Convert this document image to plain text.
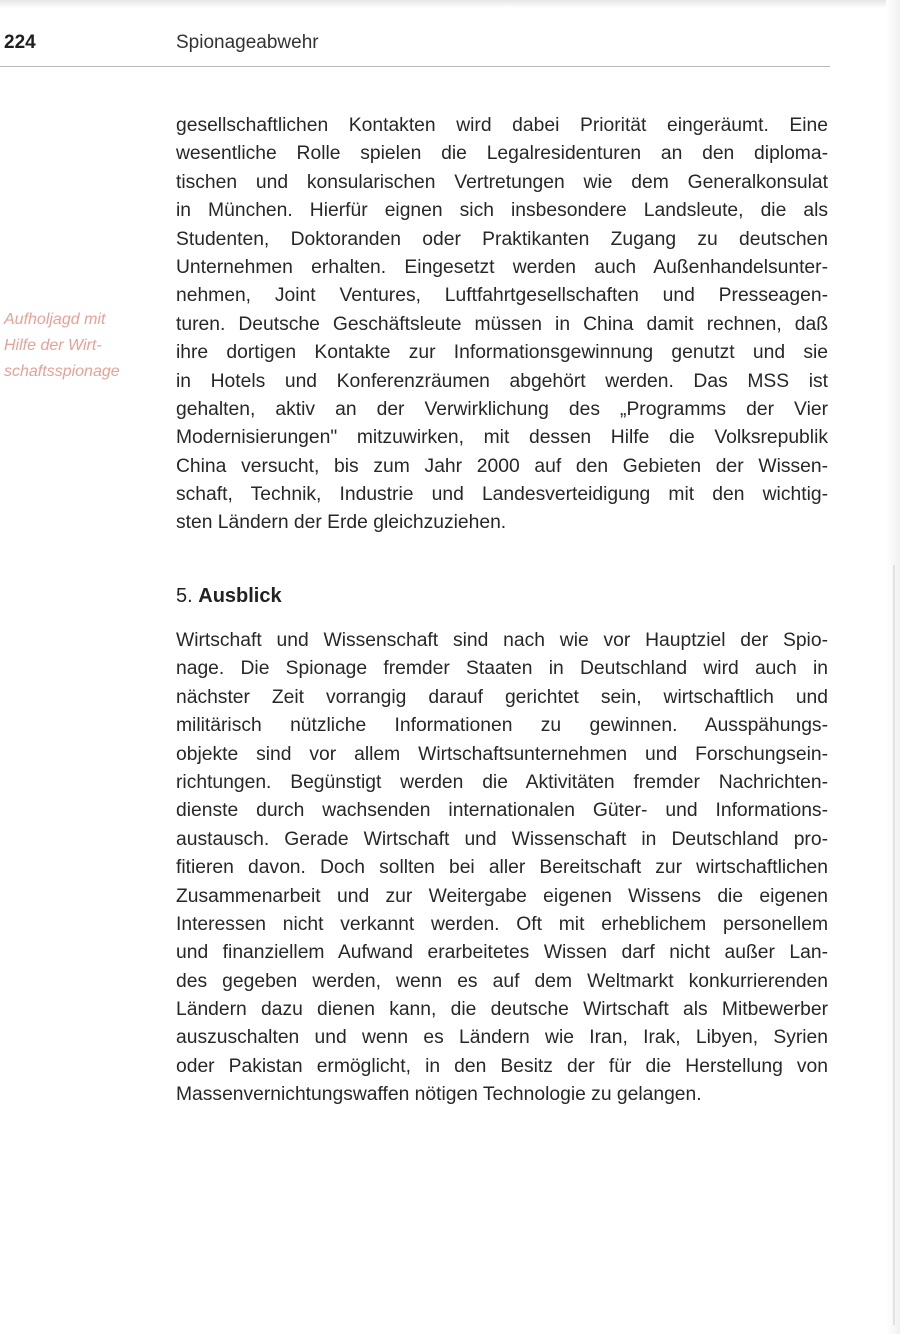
224	Spionageabwehr
Aufholjagd mit
Hilfe der Wirt-
schaftsspionage
gesellschaftlichen Kontakten wird dabei Priorität eingeräumt. Eine
wesentliche Rolle spielen die Legalresidenturen an den diploma-
tischen und konsularischen Vertretungen wie dem Generalkonsulat
in München. Hierfür eignen sich insbesondere Landsleute, die als
Studenten, Doktoranden oder Praktikanten Zugang zu deutschen
Unternehmen erhalten. Eingesetzt werden auch Außenhandelsunter-
nehmen, Joint Ventures, Luftfahrtgesellschaften und Presseagen-
turen. Deutsche Geschäftsleute müssen in China damit rechnen, daß
ihre dortigen Kontakte zur Informationsgewinnung genutzt und sie
in Hotels und Konferenzräumen abgehört werden. Das MSS ist
gehalten, aktiv an der Verwirklichung des „Programms der Vier
Modernisierungen" mitzuwirken, mit dessen Hilfe die Volksrepublik
China versucht, bis zum Jahr 2000 auf den Gebieten der Wissen-
schaft, Technik, Industrie und Landesverteidigung mit den wichtig-
sten Ländern der Erde gleichzuziehen.
5. Ausblick
Wirtschaft und Wissenschaft sind nach wie vor Hauptziel der Spio-
nage. Die Spionage fremder Staaten in Deutschland wird auch in
nächster Zeit vorrangig darauf gerichtet sein, wirtschaftlich und
militärisch nützliche Informationen zu gewinnen. Ausspähungs-
objekte sind vor allem Wirtschaftsunternehmen und Forschungsein-
richtungen. Begünstigt werden die Aktivitäten fremder Nachrichten-
dienste durch wachsenden internationalen Güter- und Informations-
austausch. Gerade Wirtschaft und Wissenschaft in Deutschland pro-
fitieren davon. Doch sollten bei aller Bereitschaft zur wirtschaftlichen
Zusammenarbeit und zur Weitergabe eigenen Wissens die eigenen
Interessen nicht verkannt werden. Oft mit erheblichem personellem
und finanziellem Aufwand erarbeitetes Wissen darf nicht außer Lan-
des gegeben werden, wenn es auf dem Weltmarkt konkurrierenden
Ländern dazu dienen kann, die deutsche Wirtschaft als Mitbewerber
auszuschalten und wenn es Ländern wie Iran, Irak, Libyen, Syrien
oder Pakistan ermöglicht, in den Besitz der für die Herstellung von
Massenvernichtungswaffen nötigen Technologie zu gelangen.
